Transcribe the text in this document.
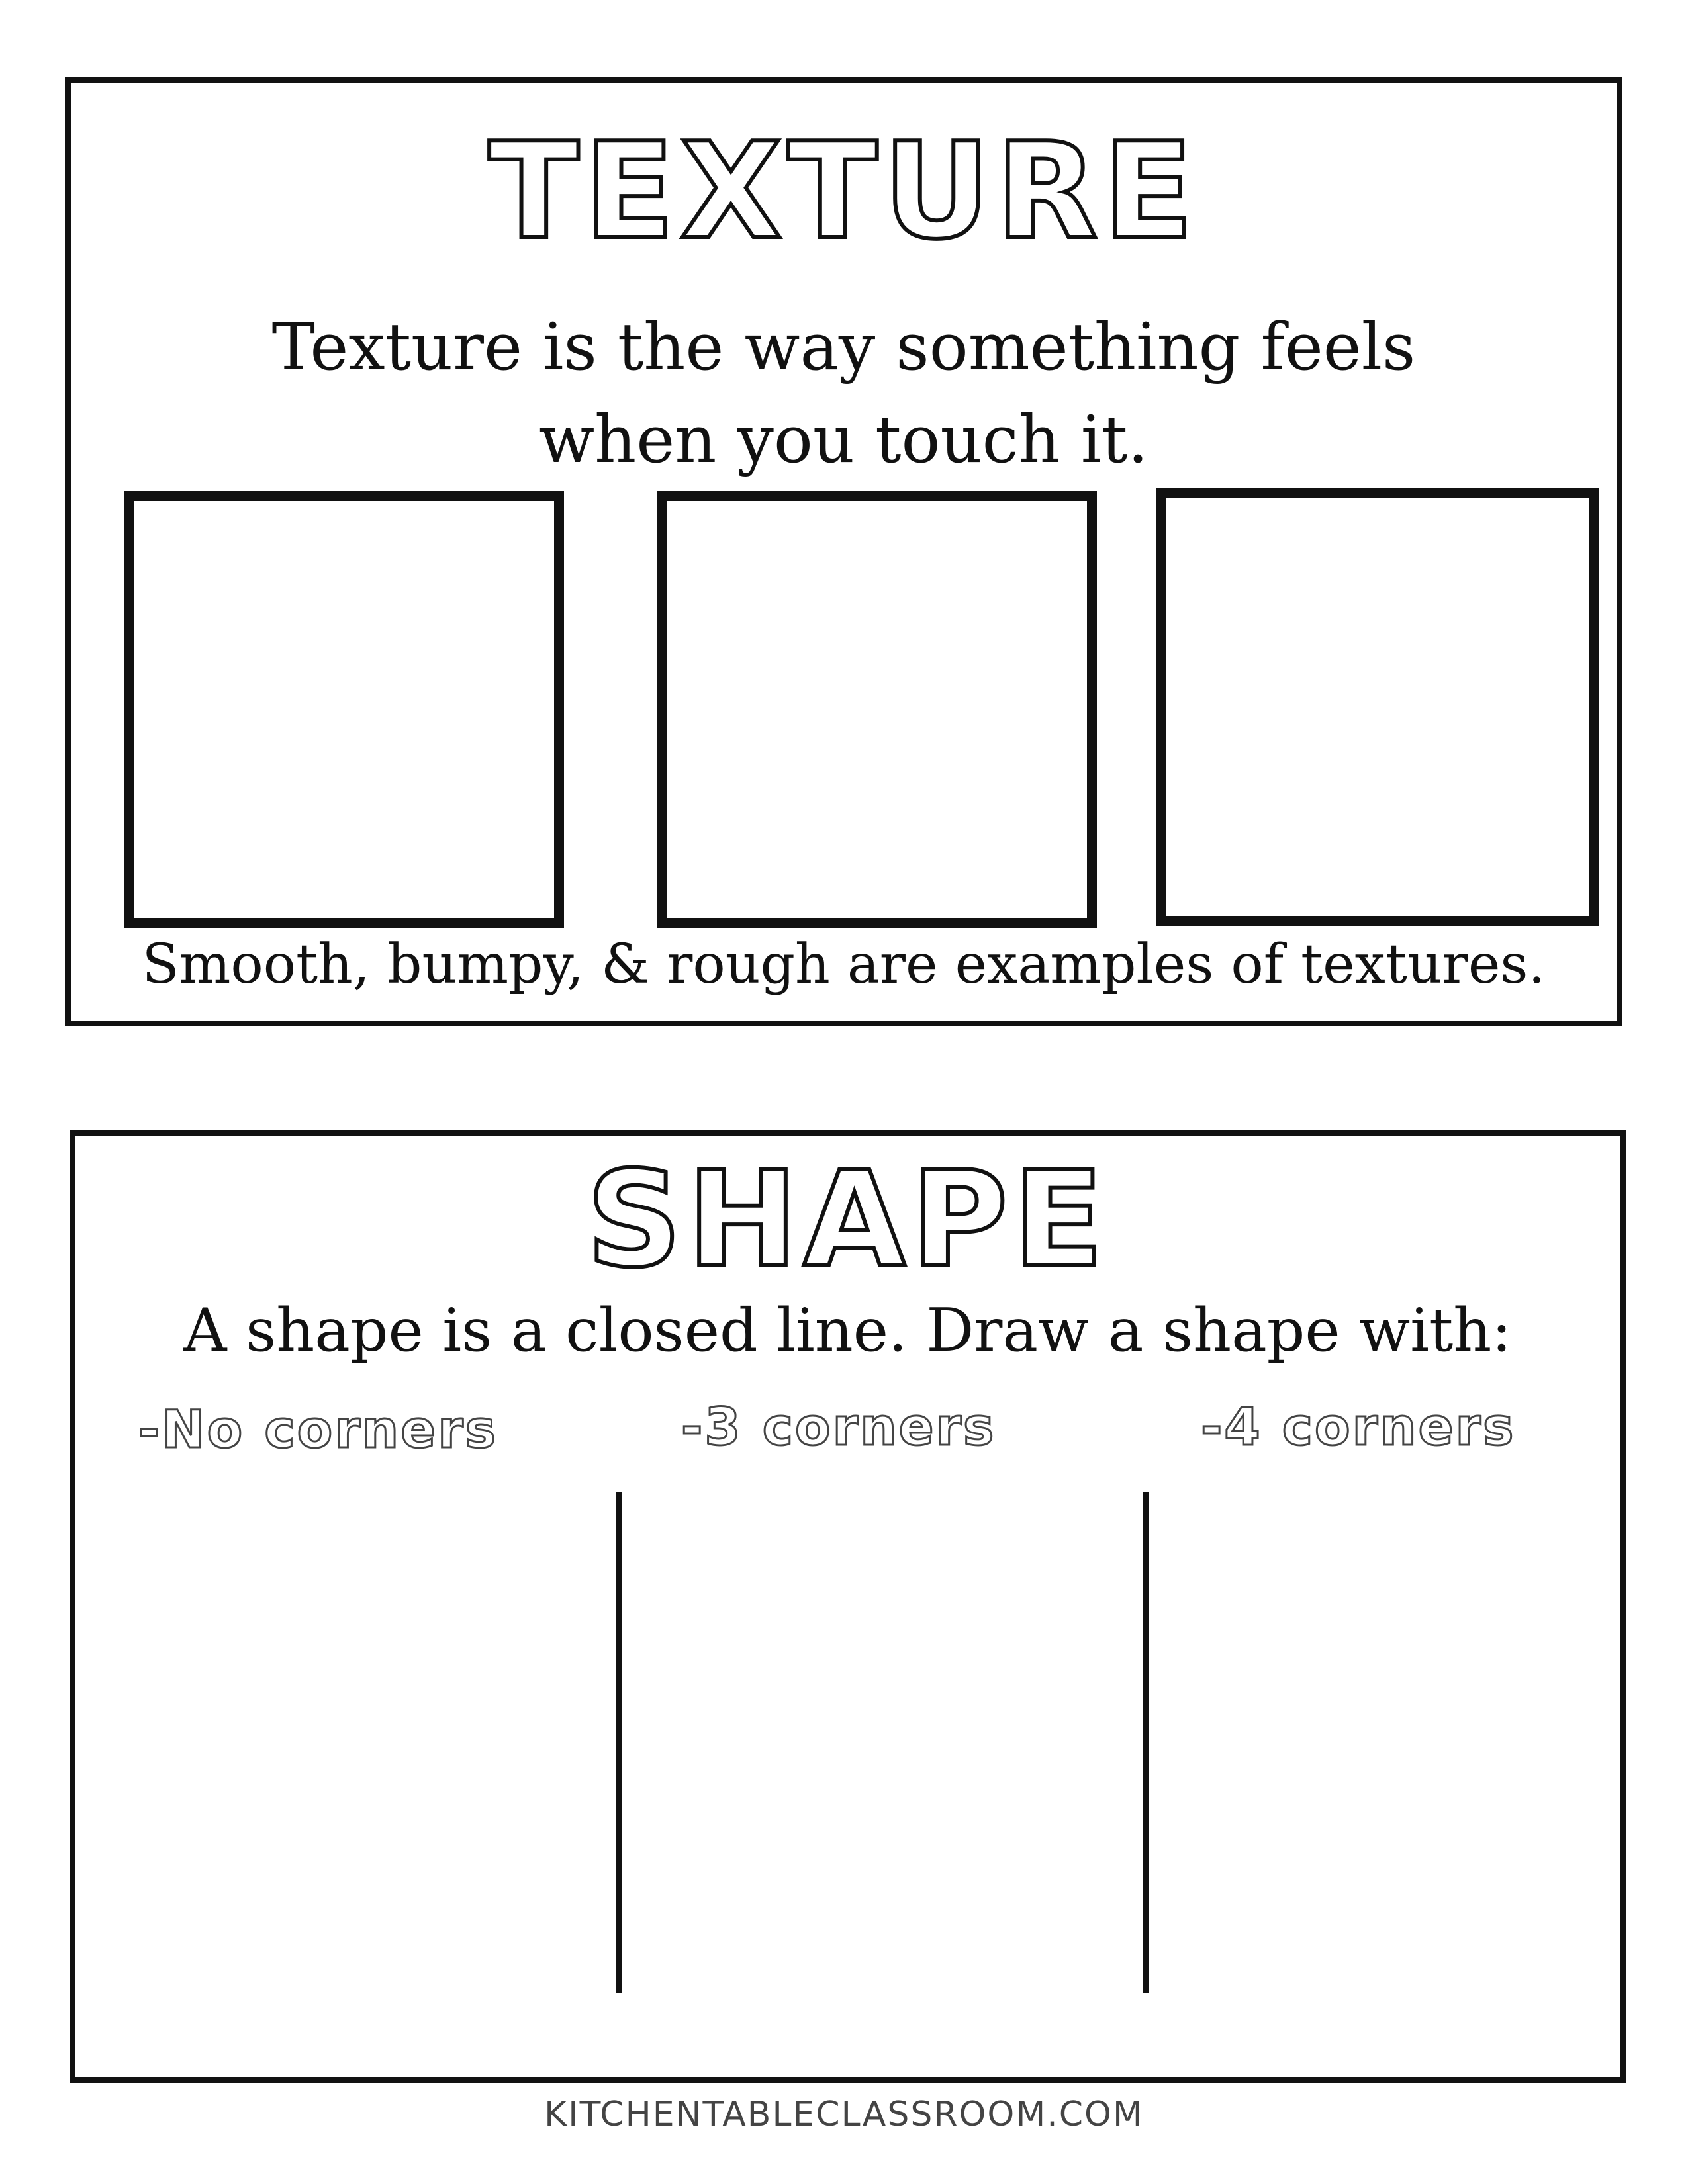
TEXTURE

Texture is the way something feels

when you touch it.

Smooth, bumpy, & rough are examples of textures.

SHAPE

A shape is a closed line. Draw a shape with:

-No corners	-3 corners	-4 corners

KITCHENTABLECLASSROOM.COM
